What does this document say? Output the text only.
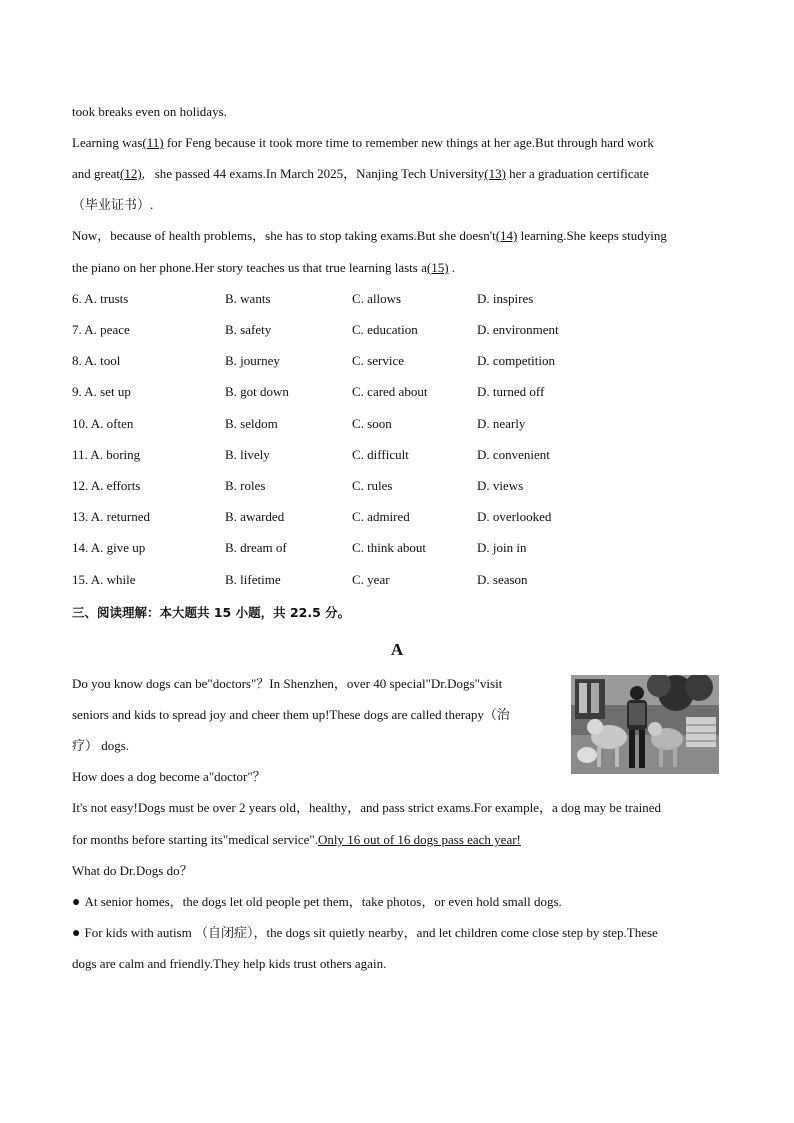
took breaks even on holidays.
Learning was(11) for Feng because it took more time to remember new things at her age.But through hard work
and great(12),   she passed 44 exams.In March 2025，Nanjing Tech University(13) her a graduation certificate
（毕业证书）.
Now，because of health problems，she has to stop taking exams.But she doesn't(14) learning.She keeps studying
the piano on her phone.Her story teaches us that true learning lasts a(15) .
6. A. trusts	B. wants	C. allows	D. inspires
7. A. peace	B. safety	C. education	D. environment
8. A. tool	B. journey	C. service	D. competition
9. A. set up	B. got down	C. cared about	D. turned off
10. A. often	B. seldom	C. soon	D. nearly
11. A. boring	B. lively	C. difficult	D. convenient
12. A. efforts	B. roles	C. rules	D. views
13. A. returned	B. awarded	C. admired	D. overlooked
14. A. give up	B. dream of	C. think about	D. join in
15. A. while	B. lifetime	C. year	D. season
三、阅读理解：本大题共 15 小题，共 22.5 分。
A
Do you know dogs can be"doctors"？In Shenzhen，over 40 special"Dr.Dogs"visit
seniors and kids to spread joy and cheer them up!These dogs are called therapy（治
疗） dogs.
How does a dog become a"doctor"？
It's not easy!Dogs must be over 2 years old，healthy，and pass strict exams.For example，a dog may be trained
for months before starting its"medical service".Only 16 out of 16 dogs pass each year!
What do Dr.Dogs do？
● At senior homes，the dogs let old people pet them，take photos，or even hold small dogs.
● For kids with autism （自闭症），the dogs sit quietly nearby，and let children come close step by step.These
dogs are calm and friendly.They help kids trust others again.
